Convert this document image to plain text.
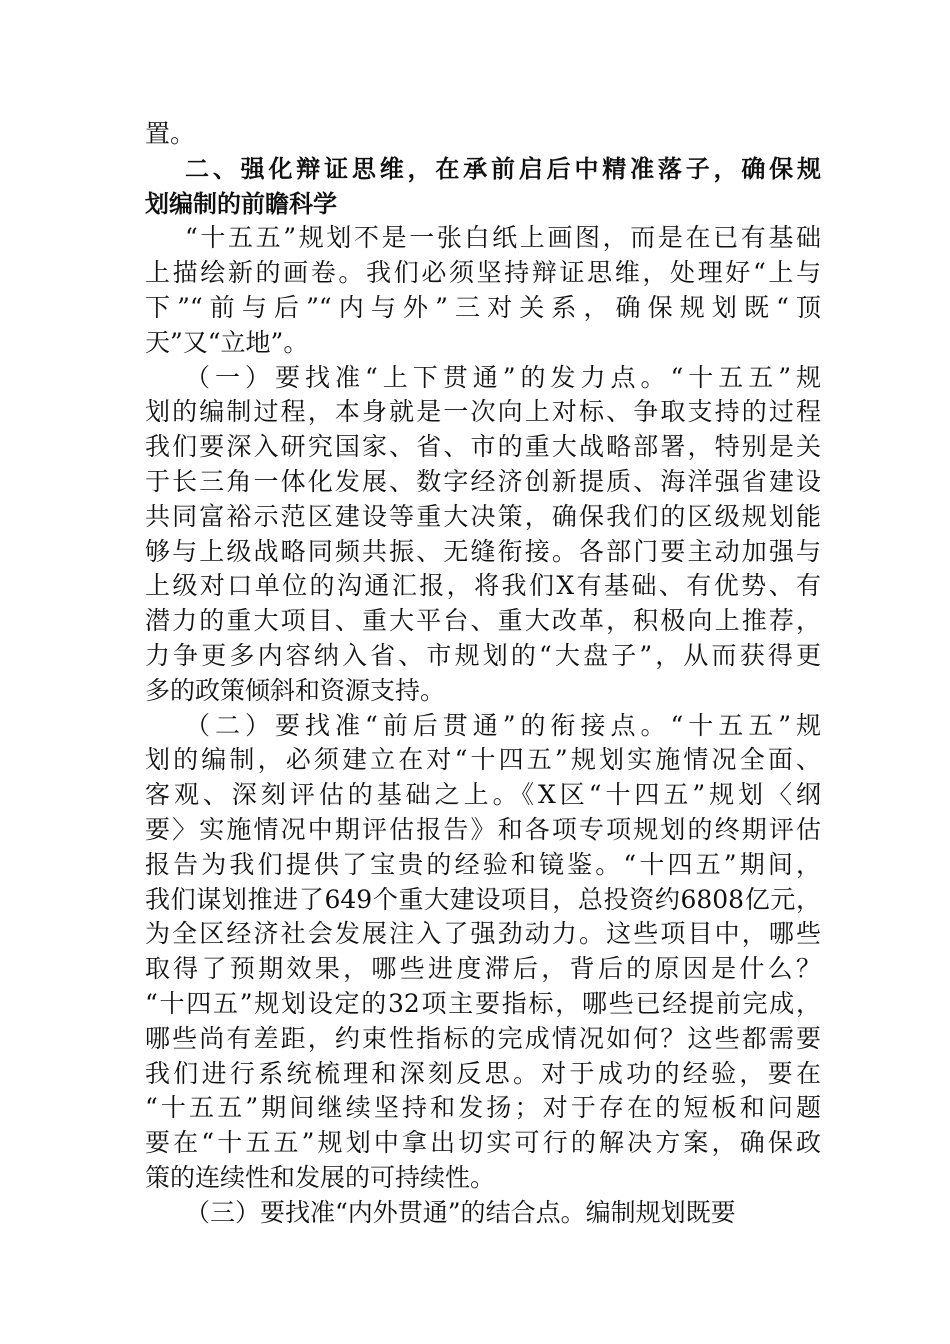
置。
二、强化辩证思维，在承前启后中精准落子，确保规
划编制的前瞻科学
“十五五”规划不是一张白纸上画图，而是在已有基础
上描绘新的画卷。我们必须坚持辩证思维，处理好“上与
下”“前与后”“内与外”三对关系，确保规划既“顶
天”又“立地”。
（一）要找准“上下贯通”的发力点。“十五五”规
划的编制过程，本身就是一次向上对标、争取支持的过程
我们要深入研究国家、省、市的重大战略部署，特别是关
于长三角一体化发展、数字经济创新提质、海洋强省建设
共同富裕示范区建设等重大决策，确保我们的区级规划能
够与上级战略同频共振、无缝衔接。各部门要主动加强与
上级对口单位的沟通汇报，将我们X有基础、有优势、有
潜力的重大项目、重大平台、重大改革，积极向上推荐，
力争更多内容纳入省、市规划的“大盘子”，从而获得更
多的政策倾斜和资源支持。
（二）要找准“前后贯通”的衔接点。“十五五”规
划的编制，必须建立在对“十四五”规划实施情况全面、
客观、深刻评估的基础之上。《X区“十四五”规划〈纲
要〉实施情况中期评估报告》和各项专项规划的终期评估
报告为我们提供了宝贵的经验和镜鉴。“十四五”期间，
我们谋划推进了649个重大建设项目，总投资约6808亿元，
为全区经济社会发展注入了强劲动力。这些项目中，哪些
取得了预期效果，哪些进度滞后，背后的原因是什么？
“十四五”规划设定的32项主要指标，哪些已经提前完成，
哪些尚有差距，约束性指标的完成情况如何？这些都需要
我们进行系统梳理和深刻反思。对于成功的经验，要在
“十五五”期间继续坚持和发扬；对于存在的短板和问题
要在“十五五”规划中拿出切实可行的解决方案，确保政
策的连续性和发展的可持续性。
（三）要找准“内外贯通”的结合点。编制规划既要
